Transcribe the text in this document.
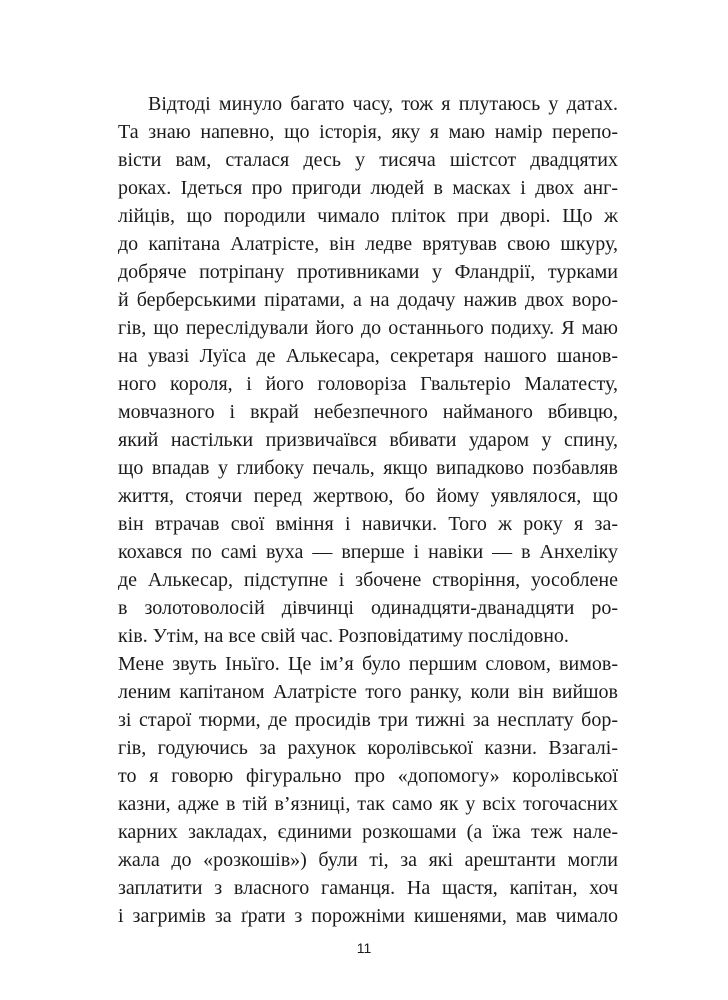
Відтоді минуло багато часу, тож я плутаюсь у датах.
Та знаю напевно, що історія, яку я маю намір перепо-
вісти вам, сталася десь у тисяча шістсот двадцятих
роках. Ідеться про пригоди людей в масках і двох анг-
лійців, що породили чимало пліток при дворі. Що ж
до капітана Алатрісте, він ледве врятував свою шкуру,
добряче потріпану противниками у Фландрії, турками
й берберськими піратами, а на додачу нажив двох воро-
гів, що переслідували його до останнього подиху. Я маю
на увазі Луїса де Алькесара, секретаря нашого шанов-
ного короля, і його головоріза Гвальтеріо Малатесту,
мовчазного і вкрай небезпечного найманого вбивцю,
який настільки призвичаївся вбивати ударом у спину,
що впадав у глибоку печаль, якщо випадково позбавляв
життя, стоячи перед жертвою, бо йому уявлялося, що
він втрачав свої вміння і навички. Того ж року я за-
кохався по самі вуха — вперше і навіки — в Анхеліку
де Алькесар, підступне і збочене створіння, уособлене
в золотоволосій дівчинці одинадцяти-дванадцяти ро-
ків. Утім, на все свій час. Розповідатиму послідовно.
Мене звуть Іньїго. Це ім’я було першим словом, вимов-
леним капітаном Алатрісте того ранку, коли він вийшов
зі старої тюрми, де просидів три тижні за несплату бор-
гів, годуючись за рахунок королівської казни. Взагалі-
то я говорю фігурально про «допомогу» королівської
казни, адже в тій в’язниці, так само як у всіх тогочасних
карних закладах, єдиними розкошами (а їжа теж нале-
жала до «розкошів») були ті, за які арештанти могли
заплатити з власного гаманця. На щастя, капітан, хоч
і загримів за ґрати з порожніми кишенями, мав чимало
11
